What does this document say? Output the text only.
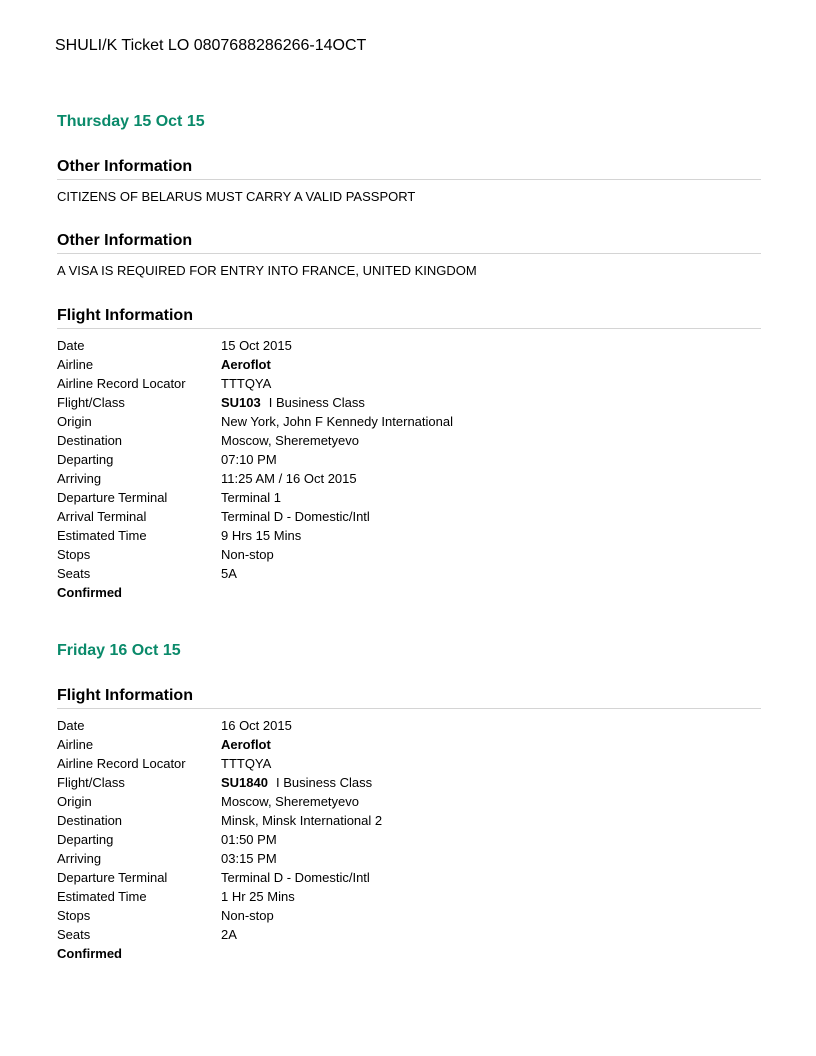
SHULI/K Ticket LO 0807688286266-14OCT
Thursday 15 Oct 15
Other Information
CITIZENS OF BELARUS MUST CARRY A VALID PASSPORT
Other Information
A VISA IS REQUIRED FOR ENTRY INTO FRANCE, UNITED KINGDOM
Flight Information
Date	15 Oct 2015
Airline	Aeroflot
Airline Record Locator	TTTQYA
Flight/Class	SU103 I Business Class
Origin	New York, John F Kennedy International
Destination	Moscow, Sheremetyevo
Departing	07:10 PM
Arriving	11:25 AM / 16 Oct 2015
Departure Terminal	Terminal 1
Arrival Terminal	Terminal D - Domestic/Intl
Estimated Time	9 Hrs 15 Mins
Stops	Non-stop
Seats	5A
Confirmed
Friday 16 Oct 15
Flight Information
Date	16 Oct 2015
Airline	Aeroflot
Airline Record Locator	TTTQYA
Flight/Class	SU1840 I Business Class
Origin	Moscow, Sheremetyevo
Destination	Minsk, Minsk International 2
Departing	01:50 PM
Arriving	03:15 PM
Departure Terminal	Terminal D - Domestic/Intl
Estimated Time	1 Hr 25 Mins
Stops	Non-stop
Seats	2A
Confirmed
